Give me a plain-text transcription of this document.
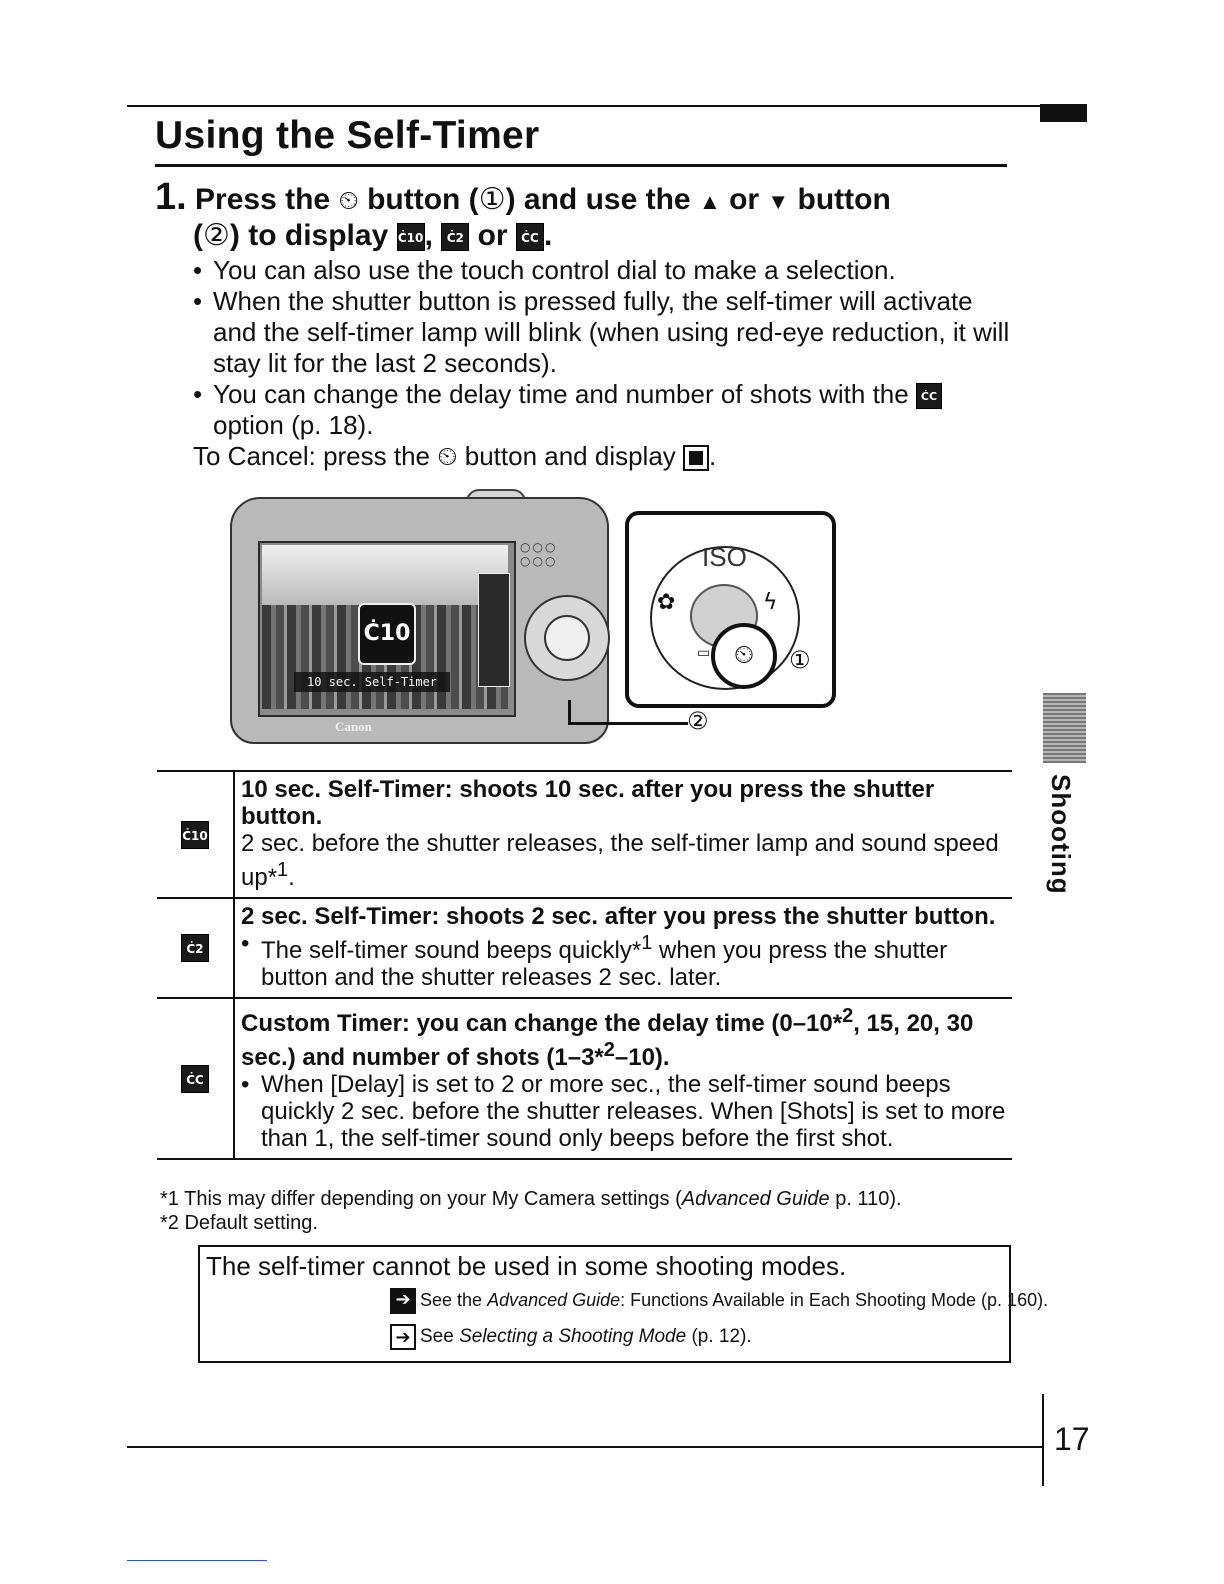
Using the Self-Timer
1. Press the ⏲ button (①) and use the ▲ or ▼ button
(②) to display Ċ10, Ċ2 or ĊC .

• You can also use the touch control dial to make a selection.

• When the shutter button is pressed fully, the self-timer will activate and the self-timer lamp will blink (when using red-eye reduction, it will stay lit for the last 2 seconds).

• You can change the delay time and number of shots with the ĊC option (p. 18).

To Cancel: press the ⏲ button and display .
Ċ10
10 sec. Self-Timer
Canon
○○○
○○○	ISO
✿	ϟ
▭ ⏲	①
②
Shooting
Ċ10	10 sec. Self-Timer: shoots 10 sec. after you press the shutter button.
2 sec. before the shutter releases, the self-timer lamp and sound speed up*$^1$.
Ċ2	2 sec. Self-Timer: shoots 2 sec. after you press the shutter button.
• The self-timer sound beeps quickly*$^1$ when you press the shutter button and the shutter releases 2 sec. later.

ĊC	Custom Timer: you can change the delay time (0–10*$^2$, 15, 20, 30 sec.) and number of shots (1–3*$^2$–10).
• When [Delay] is set to 2 or more sec., the self-timer sound beeps quickly 2 sec. before the shutter releases. When [Shots] is set to more than 1, the self-timer sound only beeps before the first shot.
*1 This may differ depending on your My Camera settings (Advanced Guide p. 110).
*2 Default setting.
The self-timer cannot be used in some shooting modes.
➔ See the Advanced Guide: Functions Available in Each Shooting Mode (p. 160).
➔ See Selecting a Shooting Mode (p. 12).
17
